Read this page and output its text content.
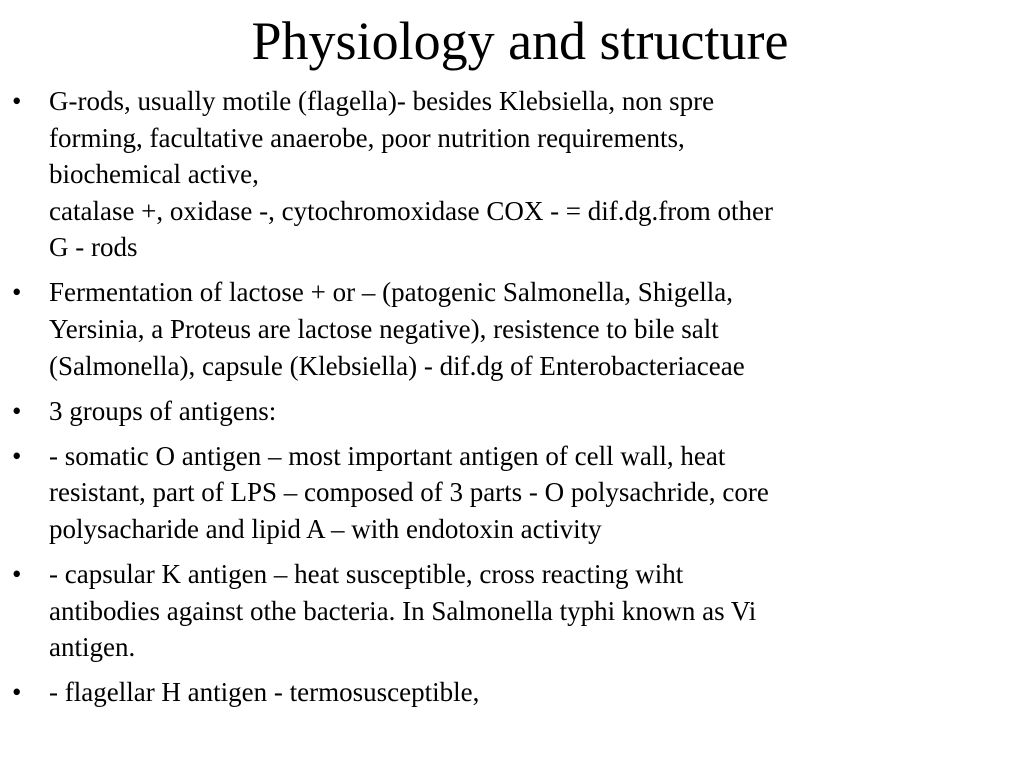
Physiology and structure
•	G-rods, usually motile (flagella)- besides Klebsiella, non spre
forming, facultative anaerobe, poor nutrition requirements,
biochemical active,
catalase +, oxidase -, cytochromoxidase COX - = dif.dg.from other
G - rods
•	Fermentation of lactose + or – (patogenic Salmonella, Shigella,
Yersinia, a Proteus are lactose negative), resistence to bile salt
(Salmonella), capsule (Klebsiella) - dif.dg of Enterobacteriaceae
•	3 groups of antigens:
•	- somatic O antigen – most important antigen of cell wall, heat
resistant, part of LPS – composed of 3 parts - O polysachride, core
polysacharide and lipid A – with endotoxin activity
•	- capsular K antigen – heat susceptible, cross reacting wiht
antibodies against othe bacteria. In Salmonella typhi known as Vi
antigen.
•	- flagellar H antigen - termosusceptible,
